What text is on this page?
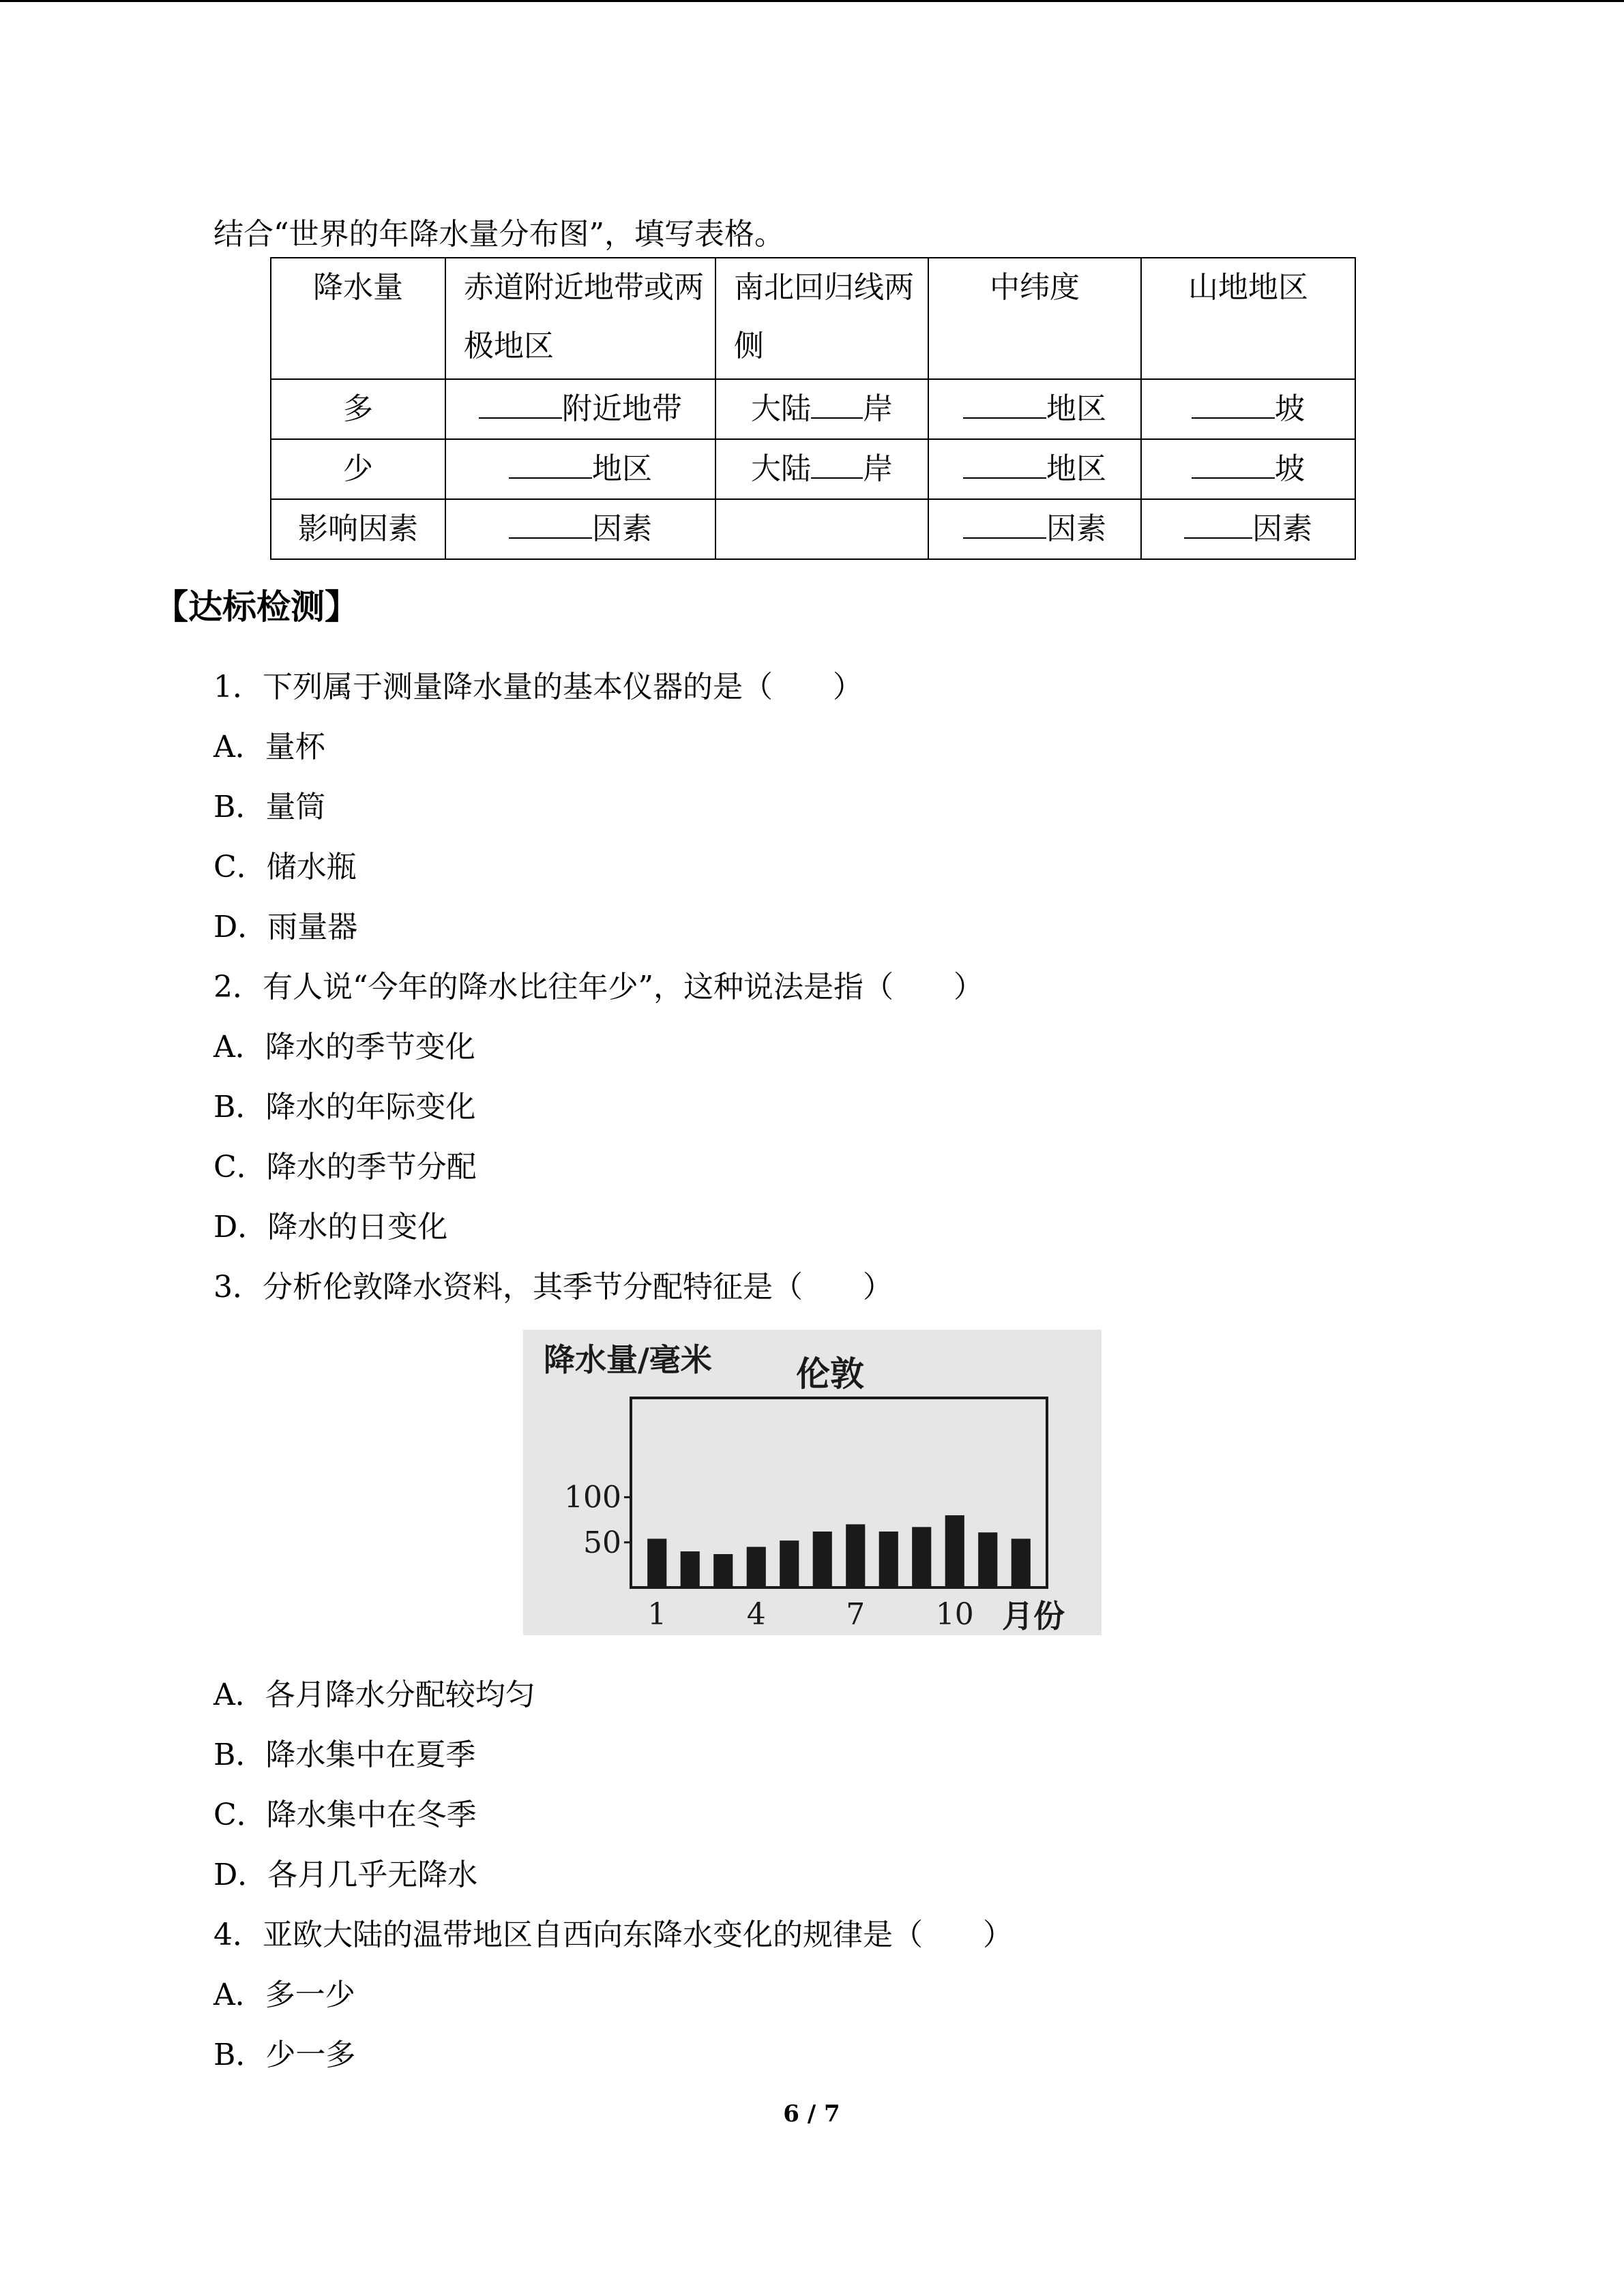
结合“世界的年降水量分布图”，填写表格。
降水量	赤道附近地带或两极地区	南北回归线两侧	中纬度	山地地区
多	附近地带	大陆 岸	地区	坡
少	地区	大陆 岸	地区	坡
影响因素	因素		因素	因素
【达标检测】
1．下列属于测量降水量的基本仪器的是（　　）
A．量杯
B．量筒
C．储水瓶
D．雨量器
2．有人说“今年的降水比往年少”，这种说法是指（　　）
A．降水的季节变化
B．降水的年际变化
C．降水的季节分配
D．降水的日变化
3．分析伦敦降水资料，其季节分配特征是（　　）
降水量/毫米 伦敦
50
100
1	4	7 10 月份
A．各月降水分配较均匀
B．降水集中在夏季
C．降水集中在冬季
D．各月几乎无降水
4．亚欧大陆的温带地区自西向东降水变化的规律是（　　）
A．多一少
B．少一多
6 / 7
